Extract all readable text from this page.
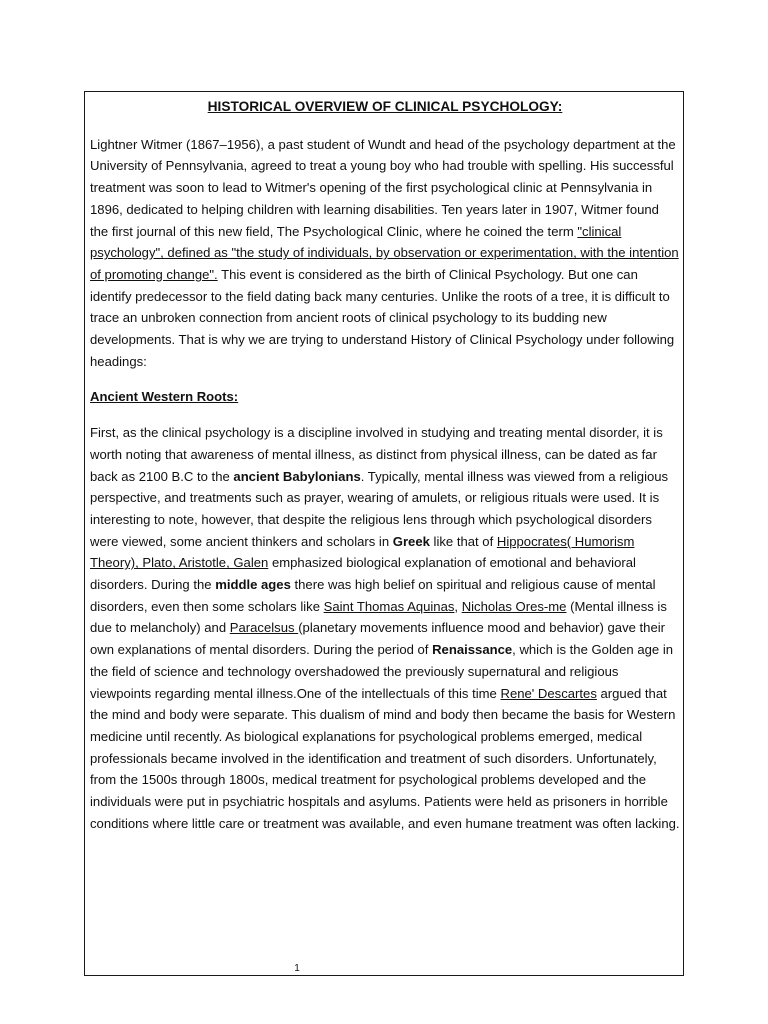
HISTORICAL OVERVIEW OF CLINICAL PSYCHOLOGY:

Lightner Witmer (1867–1956), a past student of Wundt and head of the psychology department at the University of Pennsylvania, agreed to treat a young boy who had trouble with spelling. His successful treatment was soon to lead to Witmer's opening of the first psychological clinic at Pennsylvania in 1896, dedicated to helping children with learning disabilities. Ten years later in 1907, Witmer found the first journal of this new field, The Psychological Clinic, where he coined the term "clinical psychology", defined as "the study of individuals, by observation or experimentation, with the intention of promoting change". This event is considered as the birth of Clinical Psychology. But one can identify predecessor to the field dating back many centuries. Unlike the roots of a tree, it is difficult to trace an unbroken connection from ancient roots of clinical psychology to its budding new developments. That is why we are trying to understand History of Clinical Psychology under following headings:

Ancient Western Roots:

First, as the clinical psychology is a discipline involved in studying and treating mental disorder, it is worth noting that awareness of mental illness, as distinct from physical illness, can be dated as far back as 2100 B.C to the ancient Babylonians. Typically, mental illness was viewed from a religious perspective, and treatments such as prayer, wearing of amulets, or religious rituals were used. It is interesting to note, however, that despite the religious lens through which psychological disorders were viewed, some ancient thinkers and scholars in Greek like that of Hippocrates( Humorism Theory), Plato, Aristotle, Galen emphasized biological explanation of emotional and behavioral disorders. During the middle ages there was high belief on spiritual and religious cause of mental disorders, even then some scholars like Saint Thomas Aquinas, Nicholas Ores-me (Mental illness is due to melancholy) and Paracelsus (planetary movements influence mood and behavior) gave their own explanations of mental disorders. During the period of Renaissance, which is the Golden age in the field of science and technology overshadowed the previously supernatural and religious viewpoints regarding mental illness.One of the intellectuals of this time Rene' Descartes argued that the mind and body were separate. This dualism of mind and body then became the basis for Western medicine until recently. As biological explanations for psychological problems emerged, medical professionals became involved in the identification and treatment of such disorders. Unfortunately, from the 1500s through 1800s, medical treatment for psychological problems developed and the individuals were put in psychiatric hospitals and asylums. Patients were held as prisoners in horrible conditions where little care or treatment was available, and even humane treatment was often lacking.

1
